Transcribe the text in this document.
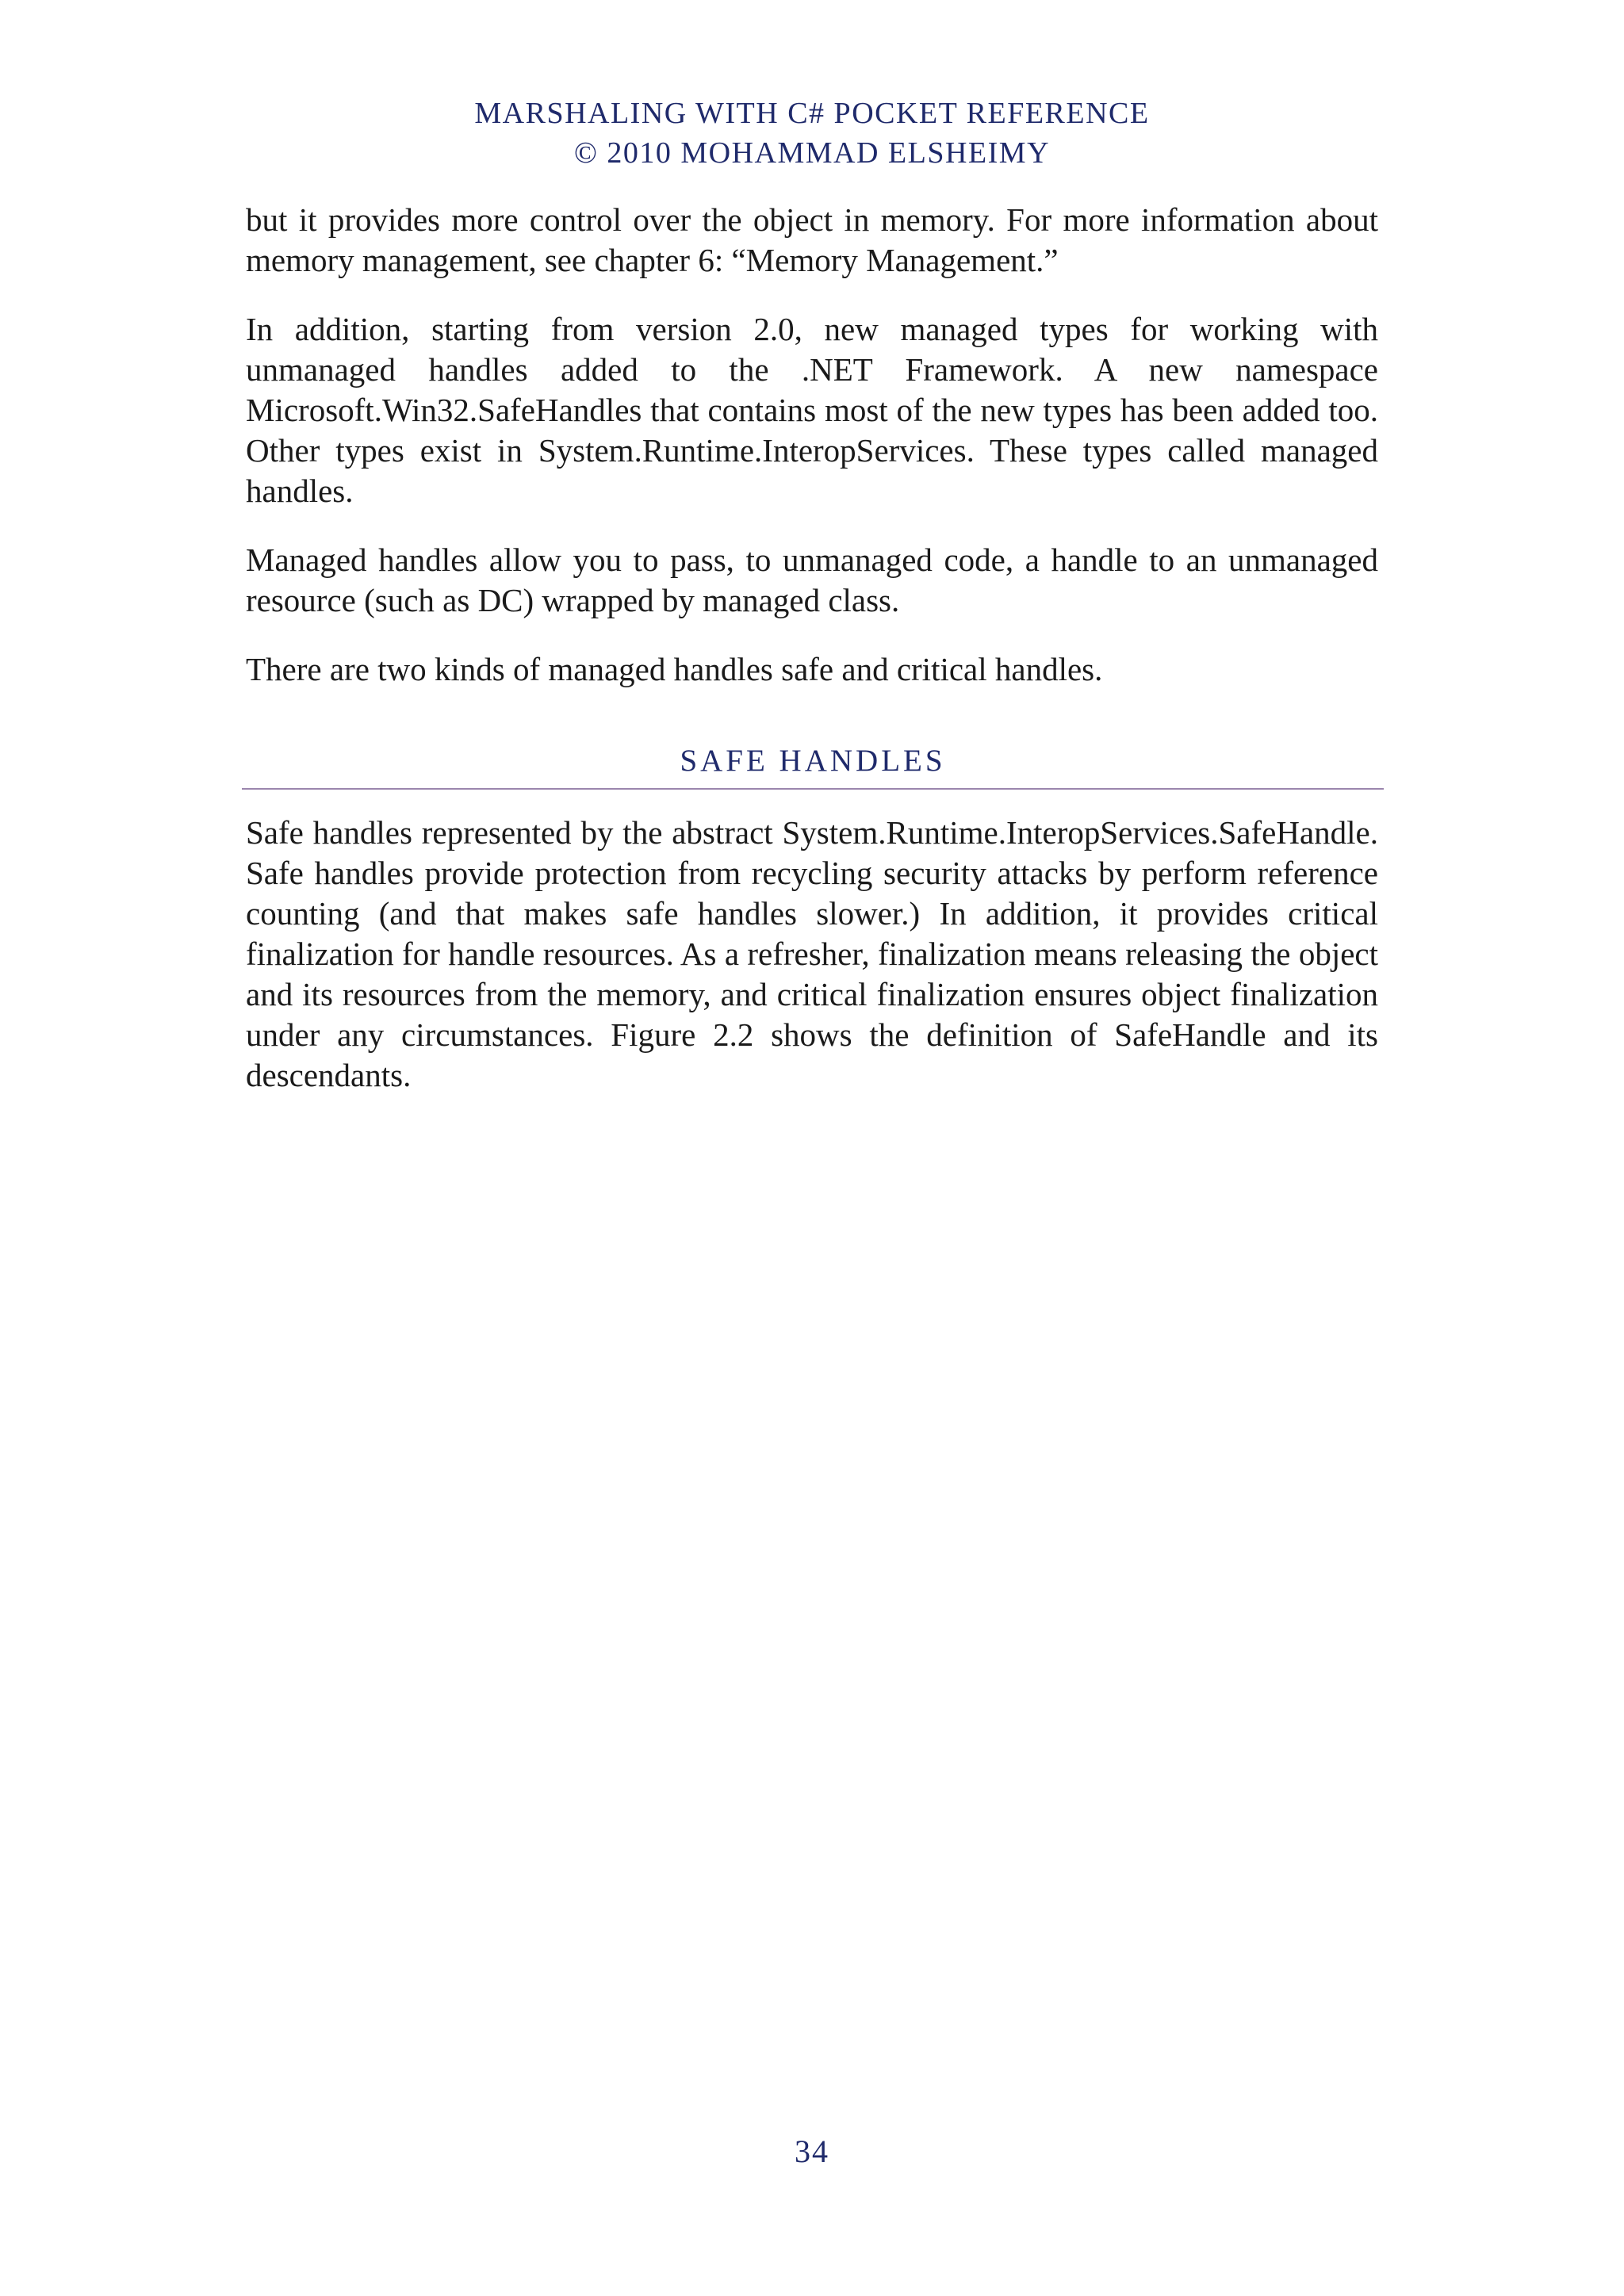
MARSHALING WITH C# POCKET REFERENCE
© 2010 MOHAMMAD ELSHEIMY

but it provides more control over the object in memory. For more information about memory management, see chapter 6: “Memory Management.”

In addition, starting from version 2.0, new managed types for working with unmanaged handles added to the .NET Framework. A new namespace Microsoft.Win32.SafeHandles that contains most of the new types has been added too. Other types exist in System.Runtime.InteropServices. These types called managed handles.

Managed handles allow you to pass, to unmanaged code, a handle to an unmanaged resource (such as DC) wrapped by managed class.

There are two kinds of managed handles safe and critical handles.

SAFE HANDLES

Safe handles represented by the abstract System.Runtime.InteropServices.SafeHandle. Safe handles provide protection from recycling security attacks by perform reference counting (and that makes safe handles slower.) In addition, it provides critical finalization for handle resources. As a refresher, finalization means releasing the object and its resources from the memory, and critical finalization ensures object finalization under any circumstances. Figure 2.2 shows the definition of SafeHandle and its descendants.

34
